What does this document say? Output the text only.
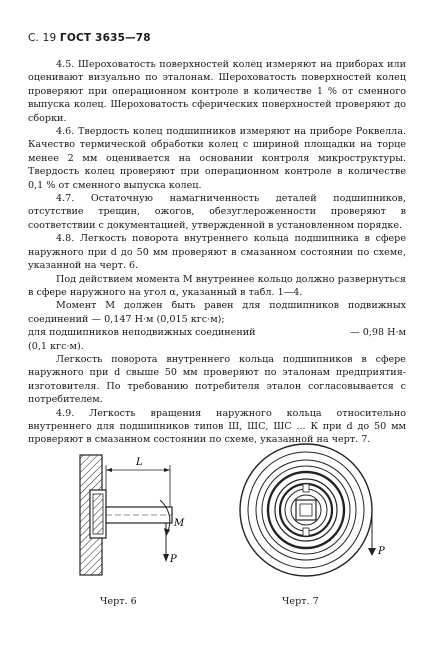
С. 19 ГОСТ 3635—78

4.5. Шероховатость поверхностей колец измеряют на приборах или оценивают визуально по эталонам. Шероховатость поверхностей колец проверяют при операционном контроле в количестве 1 % от сменного выпуска колец. Шероховатость сферических поверхностей проверяют до сборки.

4.6. Твердость колец подшипников измеряют на приборе Роквелла. Качество термической обработки колец с шириной площадки на торце менее 2 мм оценивается на основании контроля микроструктуры. Твердость колец проверяют при операционном контроле в количестве 0,1 % от сменного выпуска колец.

4.7. Остаточную намагниченность деталей подшипников, отсутствие трещин, ожогов, обезуглероженности проверяют в соответствии с документацией, утвержденной в установленном порядке.

4.8. Легкость поворота внутреннего кольца подшипника в сфере наружного при d до 50 мм проверяют в смазанном состоянии по схеме, указанной на черт. 6.

Под действием момента M внутреннее кольцо должно развернуться в сфере наружного на угол α, указанный в табл. 1—4.

Момент M должен быть равен для подшипников подвижных соединений — 0,147 Н·м (0,015 кгс·м);

для подшипников неподвижных соединений	— 0,98 Н·м

(0,1 кгс·м).

Легкость поворота внутреннего кольца подшипников в сфере наружного при d свыше 50 мм проверяют по эталонам предприятия-изготовителя. По требованию потребителя эталон согласовывается с потребителем.

4.9. Легкость вращения наружного кольца относительно внутреннего для подшипников типов Ш, ШС, ШС ... К при d до 50 мм проверяют в смазанном состоянии по схеме, указанной на черт. 7.

L
M
P
Черт. 6
P
Черт. 7
